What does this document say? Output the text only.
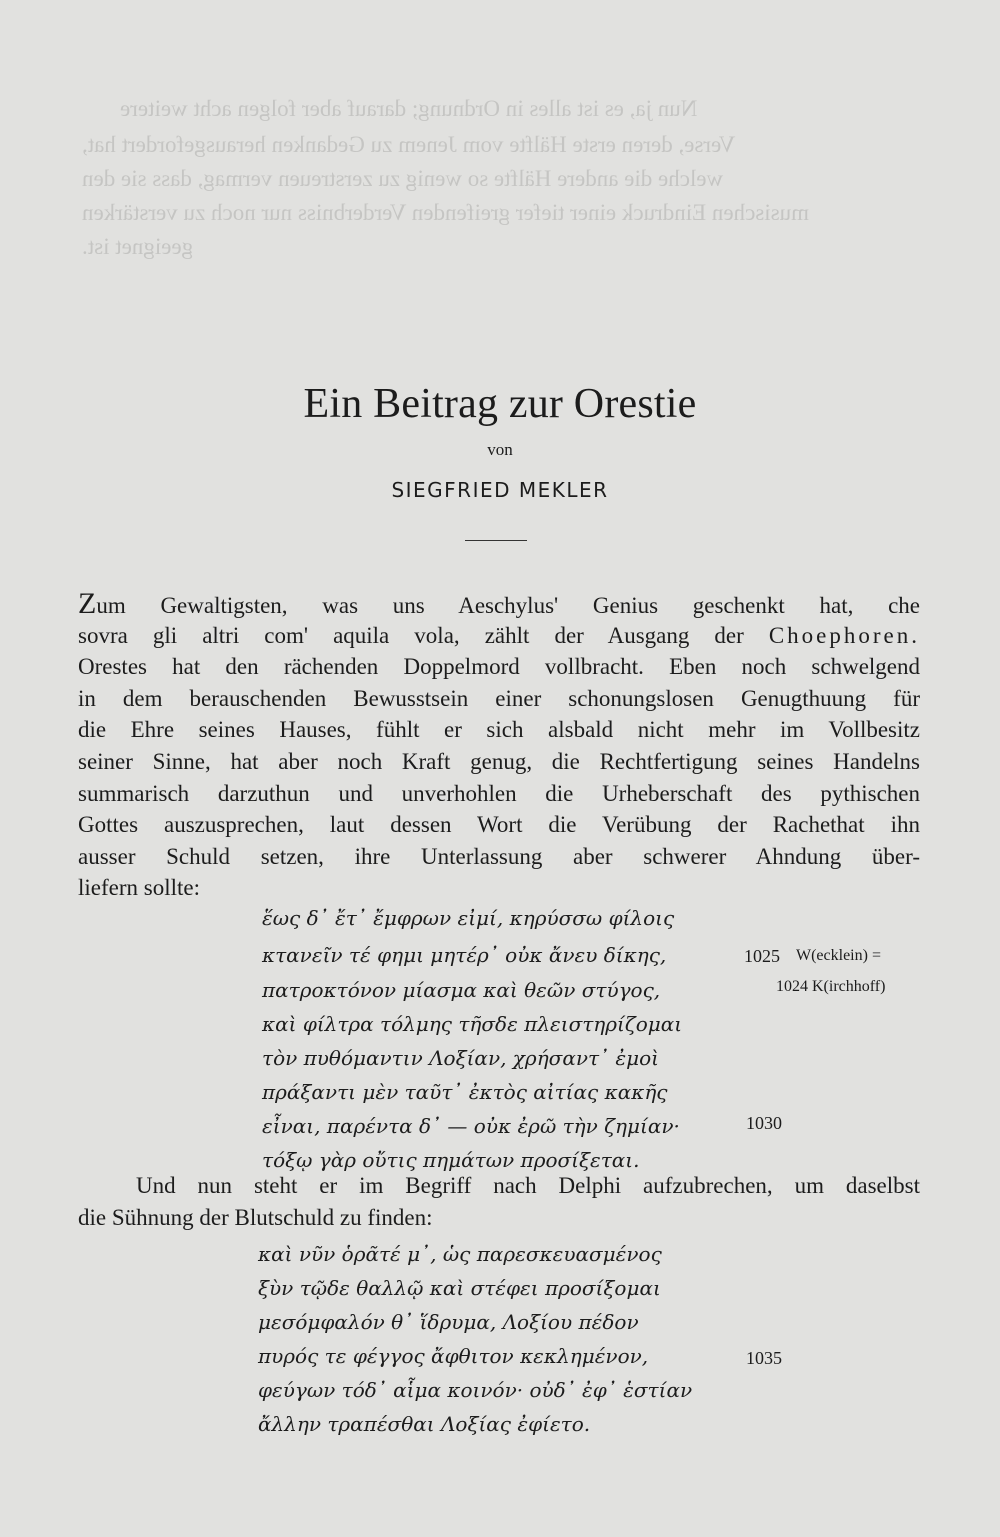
Nun ja, es ist alles in Ordnung; darauf aber folgen acht weitere
Verse, deren erste Hälfte vom Jenem zu Gedanken herausgefordert hat,
welche die andere Hälfte so wenig zu zerstreuen vermag, dass sie den
musischen Eindruck einer tiefer greifenden Verderbniss nur noch zu verstärken
geeignet ist.
Ein Beitrag zur Orestie
von
SIEGFRIED MEKLER
Zum Gewaltigsten, was uns Aeschylus' Genius geschenkt hat, che
sovra gli altri com' aquila vola, zählt der Ausgang der Choephoren.
Orestes hat den rächenden Doppelmord vollbracht. Eben noch schwelgend
in dem berauschenden Bewusstsein einer schonungslosen Genugthuung für
die Ehre seines Hauses, fühlt er sich alsbald nicht mehr im Vollbesitz
seiner Sinne, hat aber noch Kraft genug, die Rechtfertigung seines Handelns
summarisch darzuthun und unverhohlen die Urheberschaft des pythischen
Gottes auszusprechen, laut dessen Wort die Verübung der Rachethat ihn
ausser Schuld setzen, ihre Unterlassung aber schwerer Ahndung über-
liefern sollte:
ἕως δ᾽ ἔτ᾽ ἔμφρων εἰμί, κηρύσσω φίλοις
κτανεῖν τέ φημι μητέρ᾽ οὐκ ἄνευ δίκης,
πατροκτόνον μίασμα καὶ θεῶν στύγος,
καὶ φίλτρα τόλμης τῆσδε πλειστηρίζομαι
τὸν πυθόμαντιν Λοξίαν, χρήσαντ᾽ ἐμοὶ
πράξαντι μὲν ταῦτ᾽ ἐκτὸς αἰτίας κακῆς
εἶναι, παρέντα δ᾽ — οὐκ ἐρῶ τὴν ζημίαν·
τόξῳ γὰρ οὔτις πημάτων προσίξεται.
1025 W(ecklein) =
1024 K(irchhoff)
1030
Und nun steht er im Begriff nach Delphi aufzubrechen, um daselbst
die Sühnung der Blutschuld zu finden:
καὶ νῦν ὁρᾶτέ μ᾽, ὡς παρεσκευασμένος
ξὺν τῷδε θαλλῷ καὶ στέφει προσίξομαι
μεσόμφαλόν θ᾽ ἵδρυμα, Λοξίου πέδον
πυρός τε φέγγος ἄφθιτον κεκλημένον,
φεύγων τόδ᾽ αἷμα κοινόν· οὐδ᾽ ἐφ᾽ ἑστίαν
ἄλλην τραπέσθαι Λοξίας ἐφίετο.
1035
